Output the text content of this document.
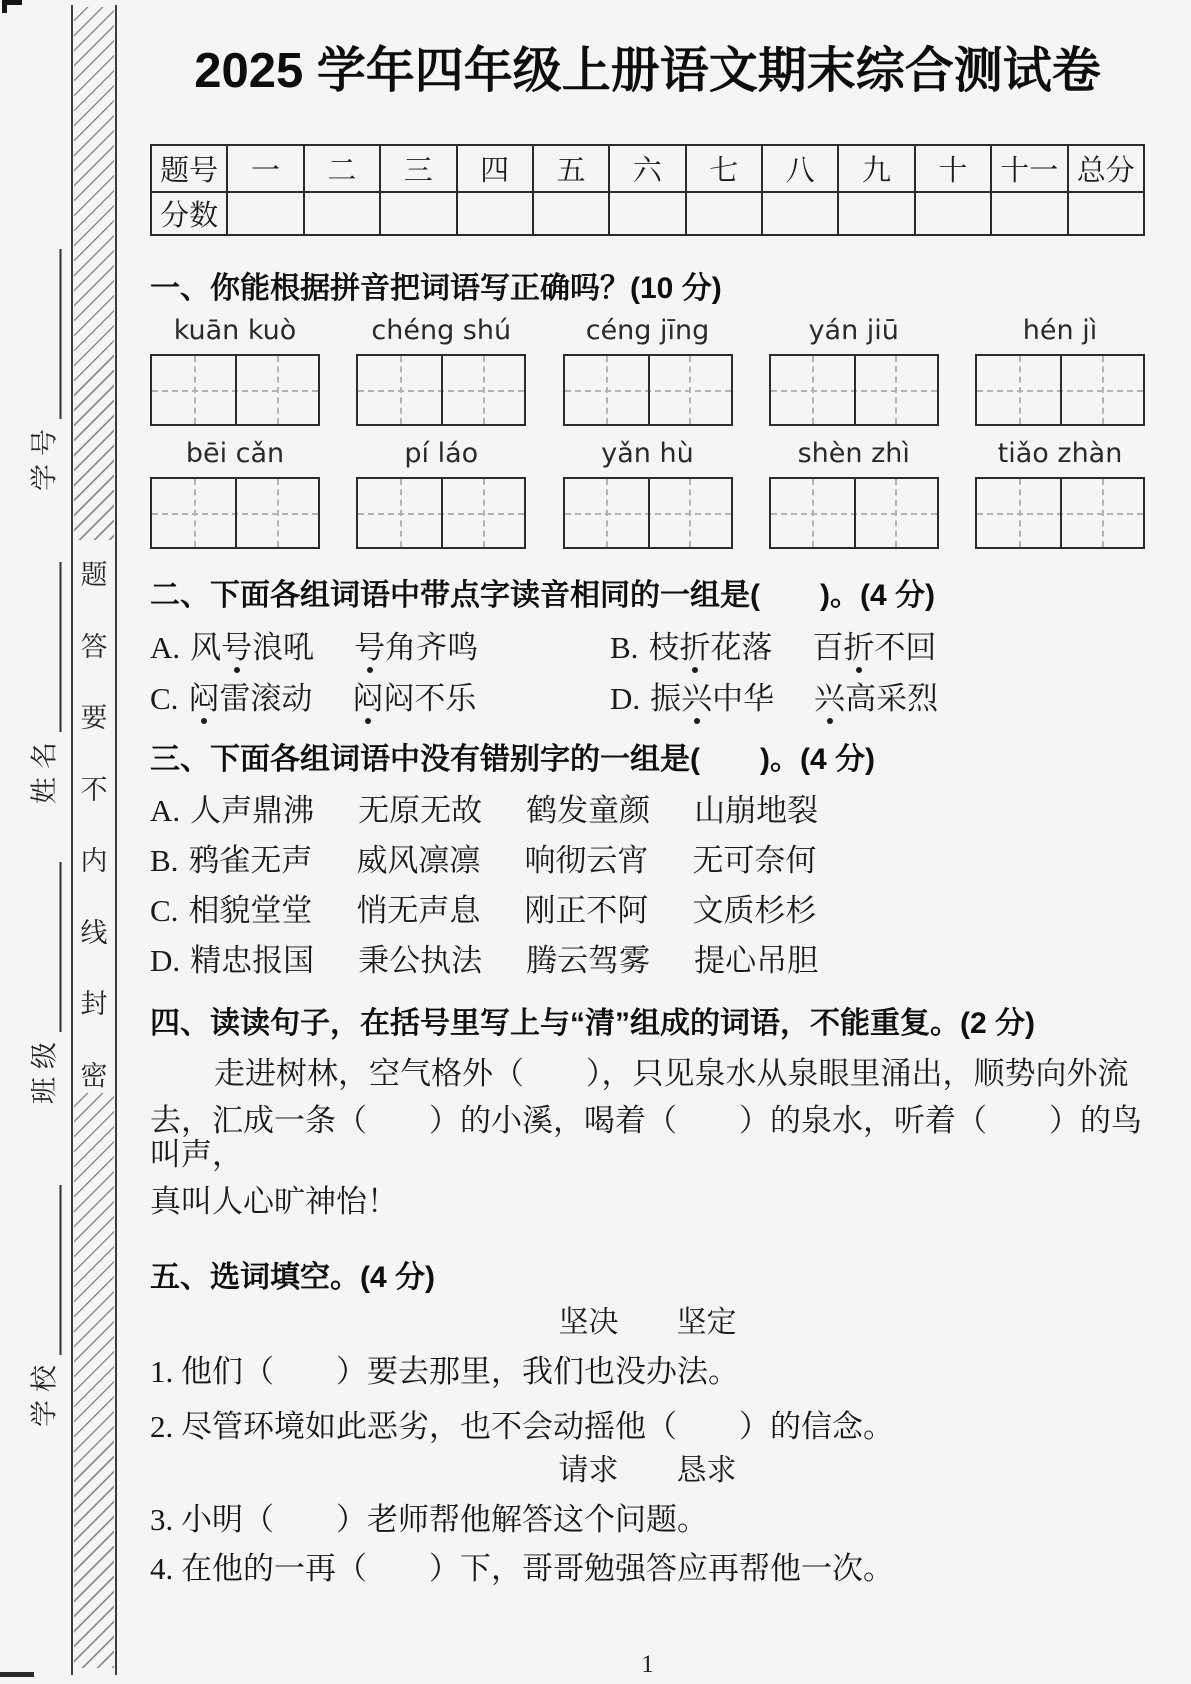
密
封
线
内
不
要
答
题
学号
姓名
班级
学校
2025 学年四年级上册语文期末综合测试卷
题号	一	二	三	四	五	六	七	八	九	十	十一	总分
分数												
一、你能根据拼音把词语写正确吗？(10 分)
kuān kuò	chéng shú	céng jīng	yán jiū	hén jì
bēi cǎn	pí láo	yǎn hù	shèn zhì	tiǎo zhàn
二、下面各组词语中带点字读音相同的一组是(　　)。(4 分)
A. 风号浪吼 号角齐鸣	B. 枝折花落 百折不回
C. 闷雷滚动 闷闷不乐	D. 振兴中华 兴高采烈
三、下面各组词语中没有错别字的一组是(　　)。(4 分)
A. 人声鼎沸 无原无故 鹤发童颜 山崩地裂
B. 鸦雀无声 威风凛凛 响彻云宵 无可奈何
C. 相貌堂堂 悄无声息 刚正不阿 文质杉杉
D. 精忠报国 秉公执法 腾云驾雾 提心吊胆
四、读读句子，在括号里写上与“清”组成的词语，不能重复。(2 分)
走进树林，空气格外（　　），只见泉水从泉眼里涌出，顺势向外流
去，汇成一条（　　）的小溪，喝着（　　）的泉水，听着（　　）的鸟叫声，
真叫人心旷神怡！
五、选词填空。(4 分)
坚决 坚定
1. 他们（　　）要去那里，我们也没办法。
2. 尽管环境如此恶劣，也不会动摇他（　　）的信念。
请求 恳求
3. 小明（　　）老师帮他解答这个问题。
4. 在他的一再（　　）下，哥哥勉强答应再帮他一次。
1
